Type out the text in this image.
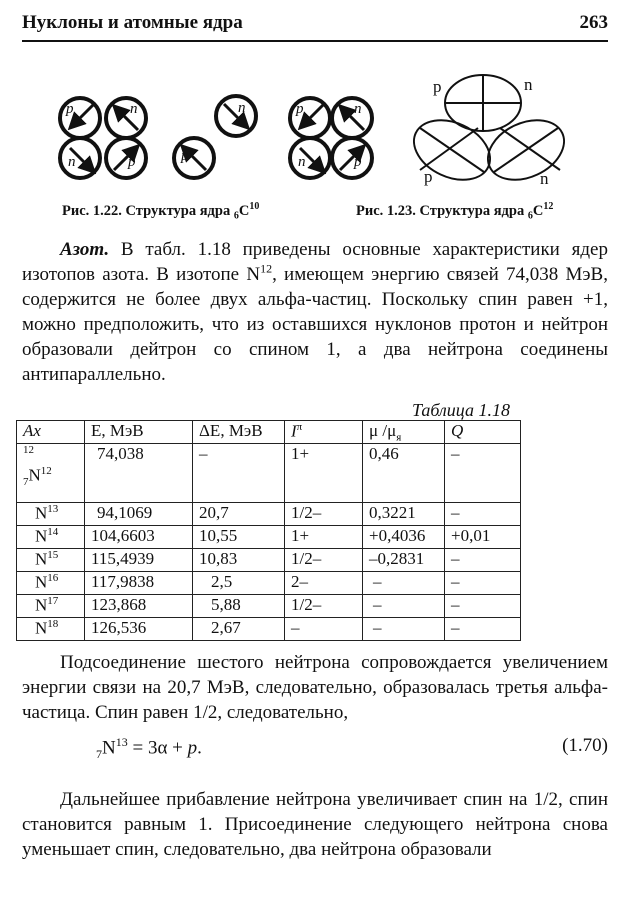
Нуклоны и атомные ядра	263
p	n
n	p
n
p
p	n
n	p
p	n
p	n
Рис. 1.22. Структура ядра $_6C^{10}$	Рис. 1.23. Структура ядра $_6C^{12}$
Азот. В табл. 1.18 приведены основные характеристики ядер изотопов азота. В изотопе $N^{12}$, имеющем энергию связей 74,038 МэВ, содержится не более двух альфа-частиц. Поскольку спин равен +1, можно предположить, что из оставшихся нуклонов протон и нейтрон образовали дейтрон со спином 1, а два нейтрона соединены антипараллельно.
Таблица 1.18
Ax	E, МэВ	ΔE, МэВ	$I^\pi$	μ $/\mu_я$	Q
$^{12}$
$_7N^{12}$	74,038	–	1+	0,46	–
$N^{13}$	94,1069	20,7	1/2–	0,3221	–
$N^{14}$	104,6603	10,55	1+	+0,4036	+0,01
$N^{15}$	115,4939	10,83	1/2–	–0,2831	–
$N^{16}$	117,9838	2,5	2–	–	–
$N^{17}$	123,868	5,88	1/2–	–	–
$N^{18}$	126,536	2,67	–	–	–
Подсоединение шестого нейтрона сопровождается увеличением энергии связи на 20,7 МэВ, следовательно, образовалась третья альфа-частица. Спин равен 1/2, следовательно,
$_7N^{13} = 3\alpha + p$.	(1.70)
Дальнейшее прибавление нейтрона увеличивает спин на 1/2, спин становится равным 1. Присоединение следующего нейтрона снова уменьшает спин, следовательно, два нейтрона образовали
